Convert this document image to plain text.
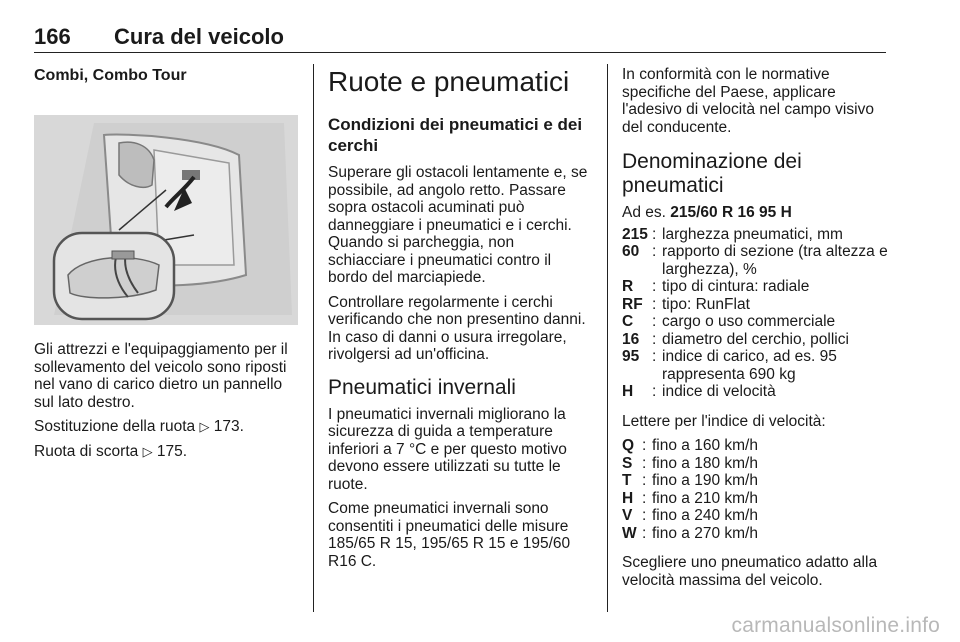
166 Cura del veicolo
Combi, Combo Tour

Gli attrezzi e l'equipaggiamento per il sollevamento del veicolo sono riposti nel vano di carico dietro un pannello sul lato destro.

Sostituzione della ruota ▷ 173.

Ruota di scorta ▷ 175.

Ruote e pneumatici
Condizioni dei pneumatici e dei cerchi

Superare gli ostacoli lentamente e, se possibile, ad angolo retto. Passare sopra ostacoli acuminati può danneggiare i pneumatici e i cerchi. Quando si parcheggia, non schiacciare i pneumatici contro il bordo del marciapiede.

Controllare regolarmente i cerchi verificando che non presentino danni. In caso di danni o usura irregolare, rivolgersi ad un'officina.

Pneumatici invernali

I pneumatici invernali migliorano la sicurezza di guida a temperature inferiori a 7 °C e per questo motivo devono essere utilizzati su tutte le ruote.

Come pneumatici invernali sono consentiti i pneumatici delle misure 185/65 R 15, 195/65 R 15 e 195/60 R16 C.

In conformità con le normative specifiche del Paese, applicare l'adesivo di velocità nel campo visivo del conducente.

Denominazione dei pneumatici

Ad es. 215/60 R 16 95 H

215 : larghezza pneumatici, mm
60 : rapporto di sezione (tra altezza e larghezza), %
R	: tipo di cintura: radiale
RF : tipo: RunFlat
C	: cargo o uso commerciale
16 : diametro del cerchio, pollici
95 : indice di carico, ad es. 95 rappresenta 690 kg
H	: indice di velocità

Lettere per l'indice di velocità:

Q : fino a 160 km/h
S : fino a 180 km/h
T : fino a 190 km/h
H : fino a 210 km/h
V : fino a 240 km/h
W : fino a 270 km/h

Scegliere uno pneumatico adatto alla velocità massima del veicolo.

carmanualsonline.info
